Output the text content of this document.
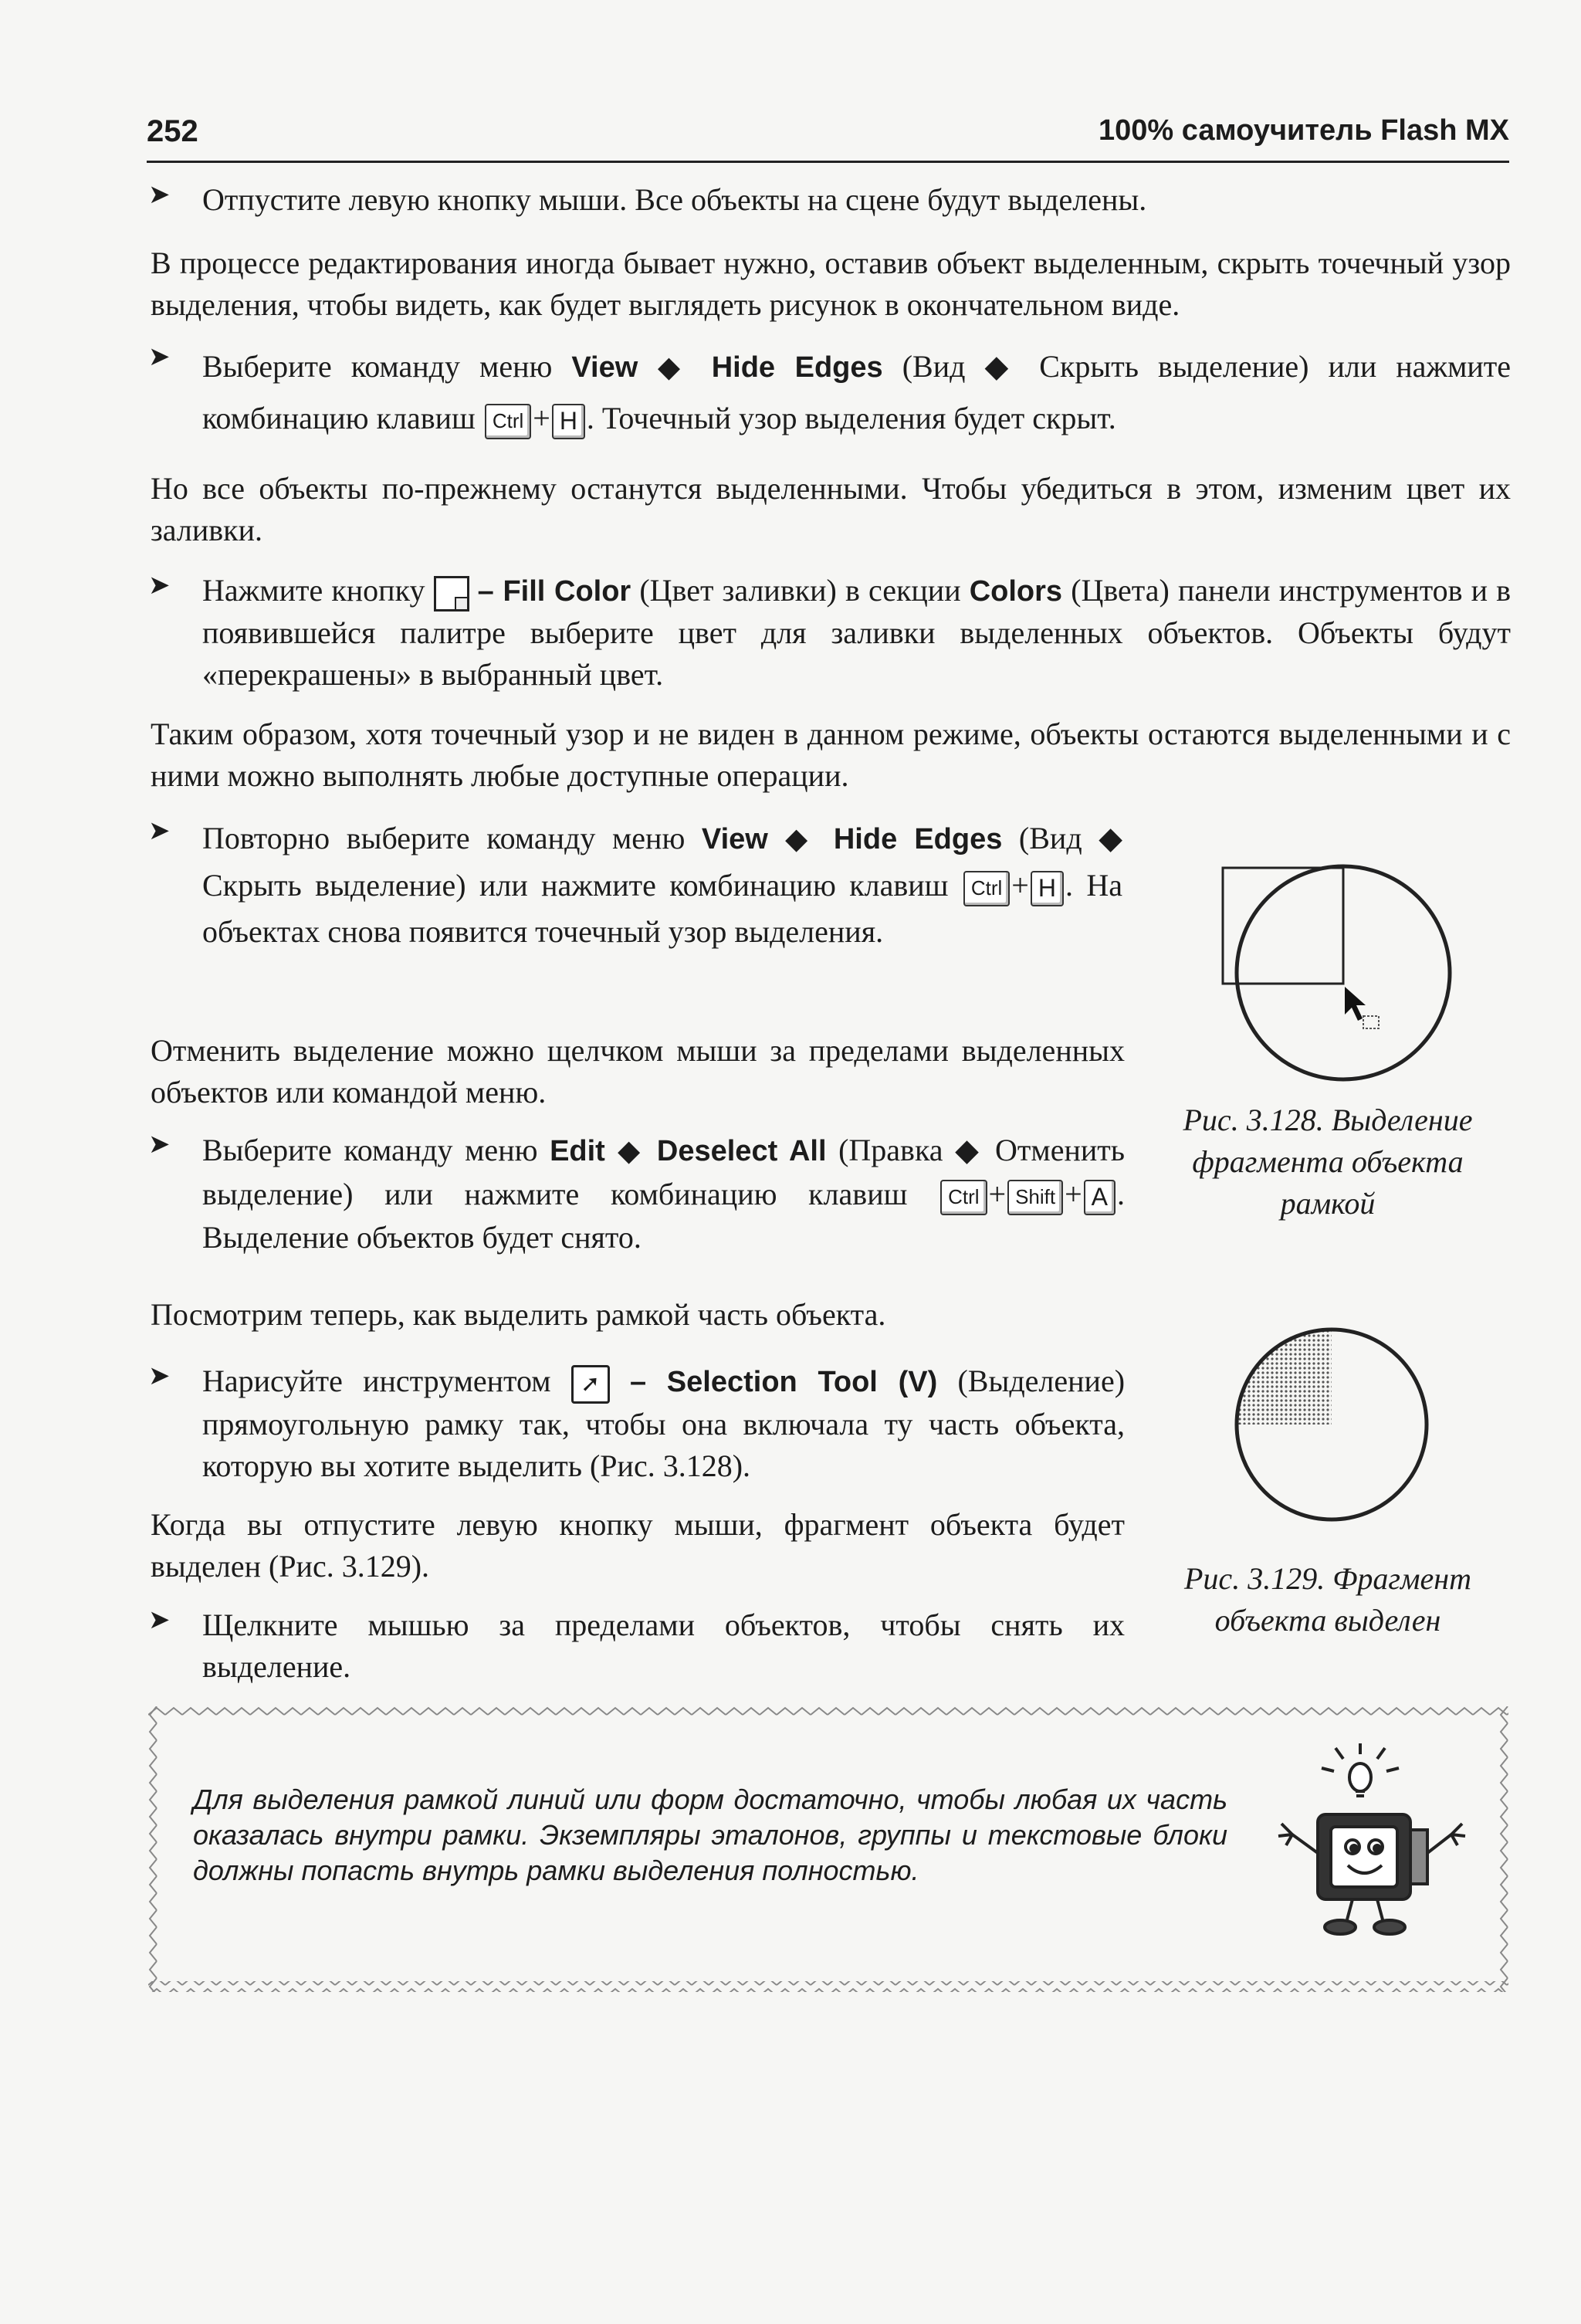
252	100% самоучитель Flash MX
➤ Отпустите левую кнопку мыши. Все объекты на сцене будут выделены.

В процессе редактирования иногда бывает нужно, оставив объект выделенным, скрыть точечный узор выделения, чтобы видеть, как будет выглядеть рисунок в окончательном виде.

➤ Выберите команду меню View ◆ Hide Edges (Вид ◆ Скрыть выделение) или нажмите комбинацию клавиш Ctrl + H . Точечный узор выделения будет скрыт.

Но все объекты по-прежнему останутся выделенными. Чтобы убедиться в этом, изменим цвет их заливки.

➤ Нажмите кнопку – Fill Color (Цвет заливки) в секции Colors (Цвета) панели инструментов и в появившейся палитре выберите цвет для заливки выделенных объектов. Объекты будут «перекрашены» в выбранный цвет.

Таким образом, хотя точечный узор и не виден в данном режиме, объекты остаются выделенными и с ними можно выполнять любые доступные операции.

➤ Повторно выберите команду меню View ◆ Hide Edges (Вид ◆ Скрыть выделение) или нажмите комбинацию клавиш Ctrl + H . На объектах снова появится точечный узор выделения.

Отменить выделение можно щелчком мыши за пределами выделенных объектов или командой меню.

➤ Выберите команду меню Edit ◆ Deselect All (Правка ◆ Отменить выделение) или нажмите комбинацию клавиш Ctrl + Shift + A . Выделение объектов будет снято.

Посмотрим теперь, как выделить рамкой часть объекта.

➤ Нарисуйте инструментом ➚ – Selection Tool (V) (Выделение) прямоугольную рамку так, чтобы она включала ту часть объекта, которую вы хотите выделить (Рис. 3.128).

Когда вы отпустите левую кнопку мыши, фрагмент объекта будет выделен (Рис. 3.129).

➤ Щелкните мышью за пределами объектов, чтобы снять их выделение.

Рис. 3.128. Выделение фрагмента объекта рамкой
Рис. 3.129. Фрагмент объекта выделен
Для выделения рамкой линий или форм достаточно, чтобы любая их часть оказалась внутри рамки. Экземпляры эталонов, группы и текстовые блоки должны попасть внутрь рамки выделения полностью.
